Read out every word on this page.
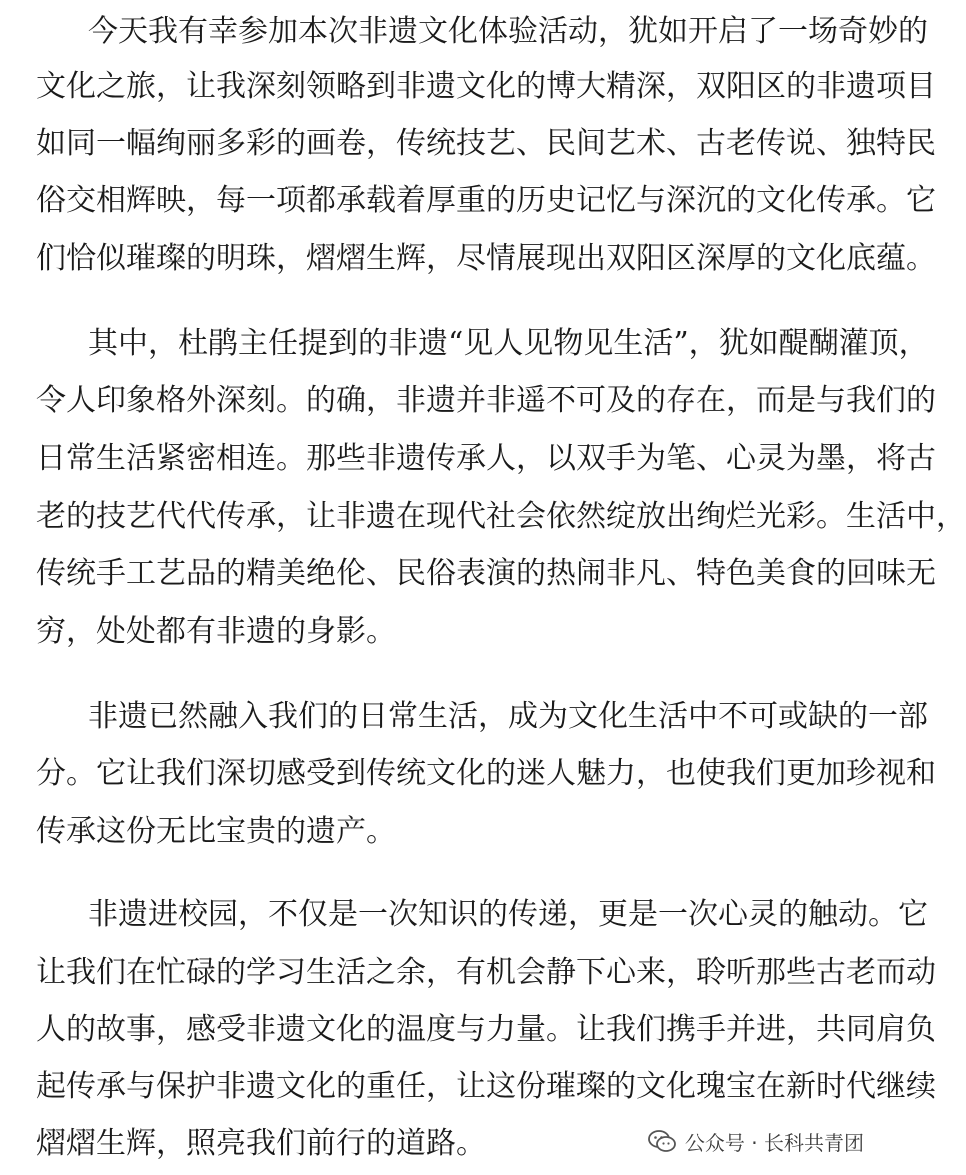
今天我有幸参加本次非遗文化体验活动，犹如开启了一场奇妙的
文化之旅，让我深刻领略到非遗文化的博大精深，双阳区的非遗项目
如同一幅绚丽多彩的画卷，传统技艺、民间艺术、古老传说、独特民
俗交相辉映，每一项都承载着厚重的历史记忆与深沉的文化传承。它
们恰似璀璨的明珠，熠熠生辉，尽情展现出双阳区深厚的文化底蕴。
其中，杜鹃主任提到的非遗“见人见物见生活”，犹如醍醐灌顶，
令人印象格外深刻。的确，非遗并非遥不可及的存在，而是与我们的
日常生活紧密相连。那些非遗传承人，以双手为笔、心灵为墨，将古
老的技艺代代传承，让非遗在现代社会依然绽放出绚烂光彩。生活中，
传统手工艺品的精美绝伦、民俗表演的热闹非凡、特色美食的回味无
穷，处处都有非遗的身影。
非遗已然融入我们的日常生活，成为文化生活中不可或缺的一部
分。它让我们深切感受到传统文化的迷人魅力，也使我们更加珍视和
传承这份无比宝贵的遗产。
非遗进校园，不仅是一次知识的传递，更是一次心灵的触动。它
让我们在忙碌的学习生活之余，有机会静下心来，聆听那些古老而动
人的故事，感受非遗文化的温度与力量。让我们携手并进，共同肩负
起传承与保护非遗文化的重任，让这份璀璨的文化瑰宝在新时代继续
熠熠生辉，照亮我们前行的道路。	公众号 · 长科共青团
